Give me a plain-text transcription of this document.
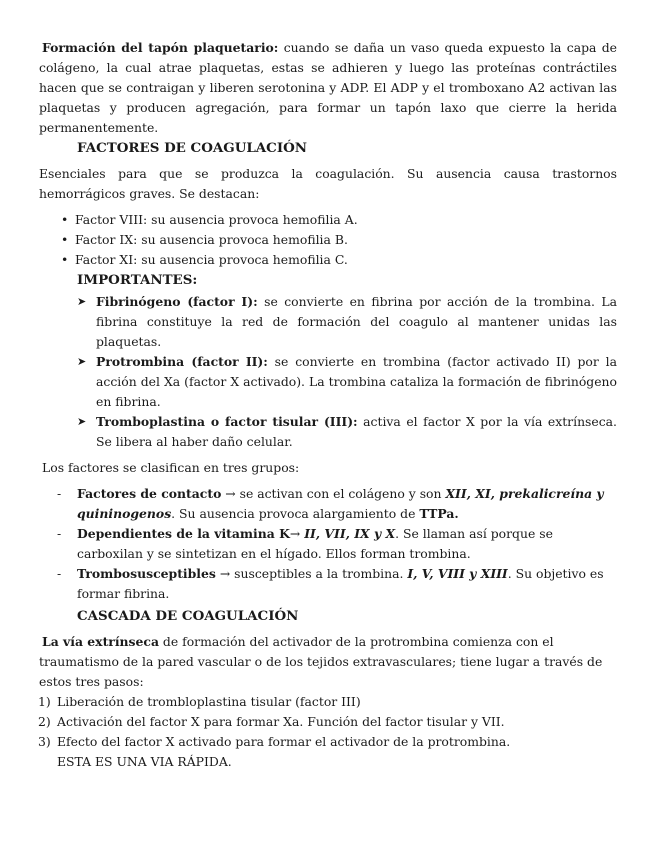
Formación del tapón plaquetario: cuando se daña un vaso queda expuesto la capa de colágeno, la cual atrae plaquetas, estas se adhieren y luego las proteínas contráctiles hacen que se contraigan y liberen serotonina y ADP. El ADP y el tromboxano A2 activan las plaquetas y producen agregación, para formar un tapón laxo que cierre la herida permanentemente.

FACTORES DE COAGULACIÓN

Esenciales para que se produzca la coagulación. Su ausencia causa trastornos hemorrágicos graves. Se destacan:

• Factor VIII: su ausencia provoca hemofilia A.
• Factor IX: su ausencia provoca hemofilia B.
• Factor XI: su ausencia provoca hemofilia C.

IMPORTANTES:

➤ Fibrinógeno (factor I): se convierte en fibrina por acción de la trombina. La fibrina constituye la red de formación del coagulo al mantener unidas las plaquetas.
➤ Protrombina (factor II): se convierte en trombina (factor activado II) por la acción del Xa (factor X activado). La trombina cataliza la formación de fibrinógeno en fibrina.
➤ Tromboplastina o factor tisular (III): activa el factor X por la vía extrínseca. Se libera al haber daño celular.

Los factores se clasifican en tres grupos:

- Factores de contacto → se activan con el colágeno y son XII, XI, prekalicreína y quininogenos. Su ausencia provoca alargamiento de TTPa.
- Dependientes de la vitamina K→ II, VII, IX y X. Se llaman así porque se carboxilan y se sintetizan en el hígado. Ellos forman trombina.
- Trombosusceptibles → susceptibles a la trombina. I, V, VIII y XIII. Su objetivo es formar fibrina.

CASCADA DE COAGULACIÓN

La vía extrínseca de formación del activador de la protrombina comienza con el traumatismo de la pared vascular o de los tejidos extravasculares; tiene lugar a través de estos tres pasos:

1) Liberación de trombloplastina tisular (factor III)
2) Activación del factor X para formar Xa. Función del factor tisular y VII.
3) Efecto del factor X activado para formar el activador de la protrombina.

ESTA ES UNA VIA RÁPIDA.
